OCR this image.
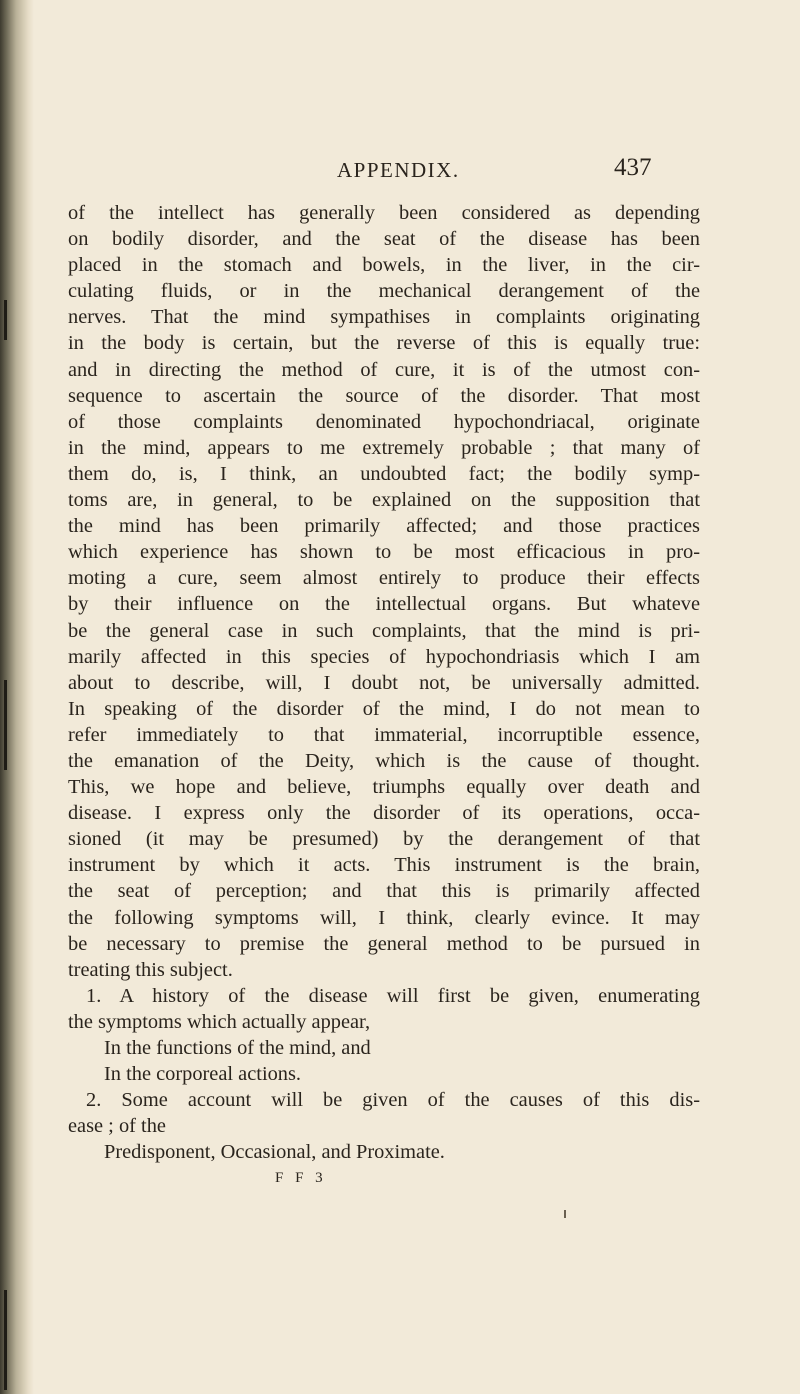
APPENDIX.	437
of the intellect has generally been considered as depending
on bodily disorder, and the seat of the disease has been
placed in the stomach and bowels, in the liver, in the cir-
culating fluids, or in the mechanical derangement of the
nerves. That the mind sympathises in complaints originating
in the body is certain, but the reverse of this is equally true:
and in directing the method of cure, it is of the utmost con-
sequence to ascertain the source of the disorder. That most
of those complaints denominated hypochondriacal, originate
in the mind, appears to me extremely probable ; that many of
them do, is, I think, an undoubted fact; the bodily symp-
toms are, in general, to be explained on the supposition that
the mind has been primarily affected; and those practices
which experience has shown to be most efficacious in pro-
moting a cure, seem almost entirely to produce their effects
by their influence on the intellectual organs. But whateve
be the general case in such complaints, that the mind is pri-
marily affected in this species of hypochondriasis which I am
about to describe, will, I doubt not, be universally admitted.
In speaking of the disorder of the mind, I do not mean to
refer immediately to that immaterial, incorruptible essence,
the emanation of the Deity, which is the cause of thought.
This, we hope and believe, triumphs equally over death and
disease. I express only the disorder of its operations, occa-
sioned (it may be presumed) by the derangement of that
instrument by which it acts. This instrument is the brain,
the seat of perception; and that this is primarily affected
the following symptoms will, I think, clearly evince. It may
be necessary to premise the general method to be pursued in
treating this subject.
1. A history of the disease will first be given, enumerating
the symptoms which actually appear,
In the functions of the mind, and
In the corporeal actions.
2. Some account will be given of the causes of this dis-
ease ; of the
Predisponent, Occasional, and Proximate.
F F 3
